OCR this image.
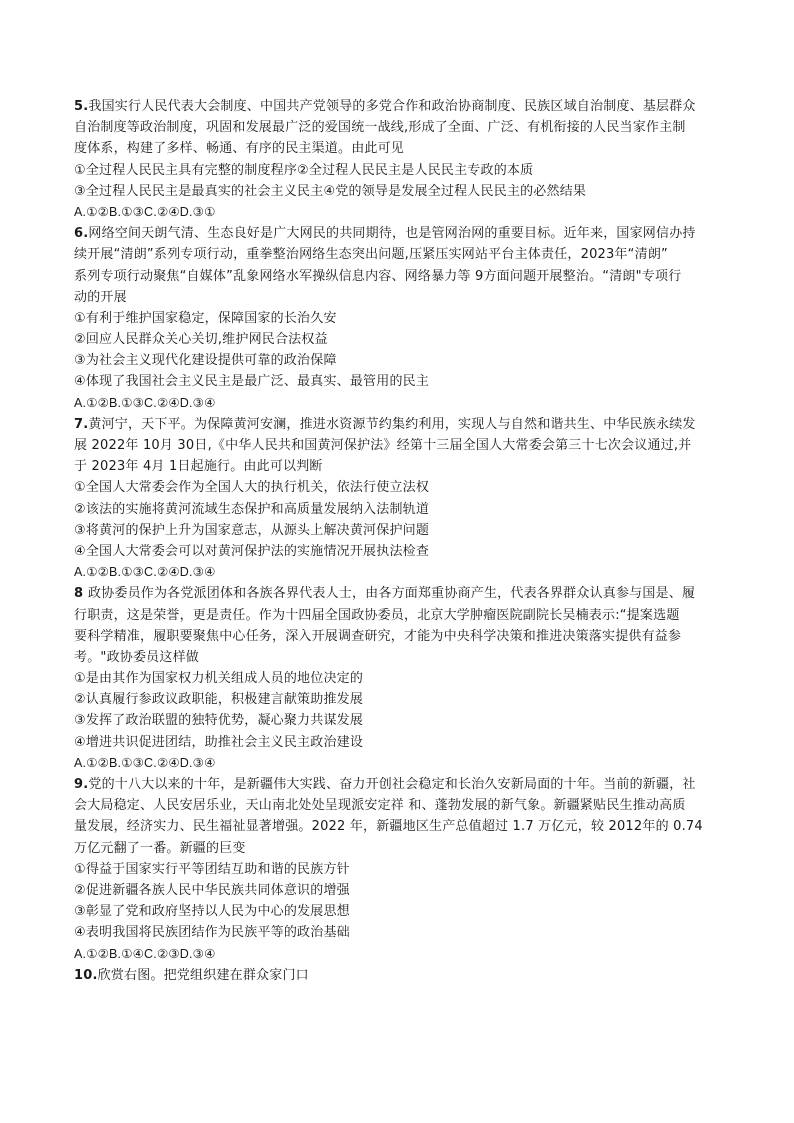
5.我国实行人民代表大会制度、中国共产党领导的多党合作和政治协商制度、民族区域自治制度、基层群众
自治制度等政治制度，巩固和发展最广泛的爱国统一战线,形成了全面、广泛、有机衔接的人民当家作主制
度体系，构建了多样、畅通、有序的民主渠道。由此可见
①全过程人民民主具有完整的制度程序②全过程人民民主是人民民主专政的本质
③全过程人民民主是最真实的社会主义民主④党的领导是发展全过程人民民主的必然结果
A.①②B.①③C.②④D.③①
6.网络空间天朗气清、生态良好是广大网民的共同期待，也是管网治网的重要目标。近年来，国家网信办持
续开展“清朗”系列专项行动，重拳整治网络生态突出问题,压紧压实网站平台主体责任，2023年“清朗”
系列专项行动聚焦“自媒体”乱象网络水军操纵信息内容、网络暴力等 9方面问题开展整治。“清朗"专项行
动的开展
①有利于维护国家稳定，保障国家的长治久安
②回应人民群众关心关切,维护网民合法权益
③为社会主义现代化建设提供可靠的政治保障
④体现了我国社会主义民主是最广泛、最真实、最管用的民主
A.①②B.①③C.②④D.③④
7.黄河宁，天下平。为保障黄河安澜，推进水资源节约集约利用，实现人与自然和谐共生、中华民族永续发
展 2022年 10月 30日,《中华人民共和国黄河保护法》经第十三届全国人大常委会第三十七次会议通过,并
于 2023年 4月 1日起施行。由此可以判断
①全国人大常委会作为全国人大的执行机关，依法行使立法权
②该法的实施将黄河流域生态保护和高质量发展纳入法制轨道
③将黄河的保护上升为国家意志，从源头上解决黄河保护问题
④全国人大常委会可以对黄河保护法的实施情况开展执法检查
A.①②B.①③C.②④D.③④
8 政协委员作为各党派团体和各族各界代表人士，由各方面郑重协商产生，代表各界群众认真参与国是、履
行职责，这是荣誉，更是责任。作为十四届全国政协委员，北京大学肿瘤医院副院长吴楠表示:“提案选题
要科学精准，履职要聚焦中心任务，深入开展调查研究，才能为中央科学决策和推进决策落实提供有益参
考。"政协委员这样做
①是由其作为国家权力机关组成人员的地位决定的
②认真履行参政议政职能，积极建言献策助推发展
③发挥了政治联盟的独特优势，凝心聚力共谋发展
④增进共识促进团结，助推社会主义民主政治建设
A.①②B.①③C.②④D.③④
9.党的十八大以来的十年，是新疆伟大实践、奋力开创社会稳定和长治久安新局面的十年。当前的新疆，社
会大局稳定、人民安居乐业，天山南北处处呈现派安定祥 和、蓬勃发展的新气象。新疆紧贴民生推动高质
量发展，经济实力、民生福祉显著增强。2022 年，新疆地区生产总值超过 1.7 万亿元，较 2012年的 0.74
万亿元翻了一番。新疆的巨变
①得益于国家实行平等团结互助和谐的民族方针
②促进新疆各族人民中华民族共同体意识的增强
③彰显了党和政府坚持以人民为中心的发展思想
④表明我国将民族团结作为民族平等的政治基础
A.①②B.①④C.②③D.③④
10.欣赏右图。把党组织建在群众家门口
